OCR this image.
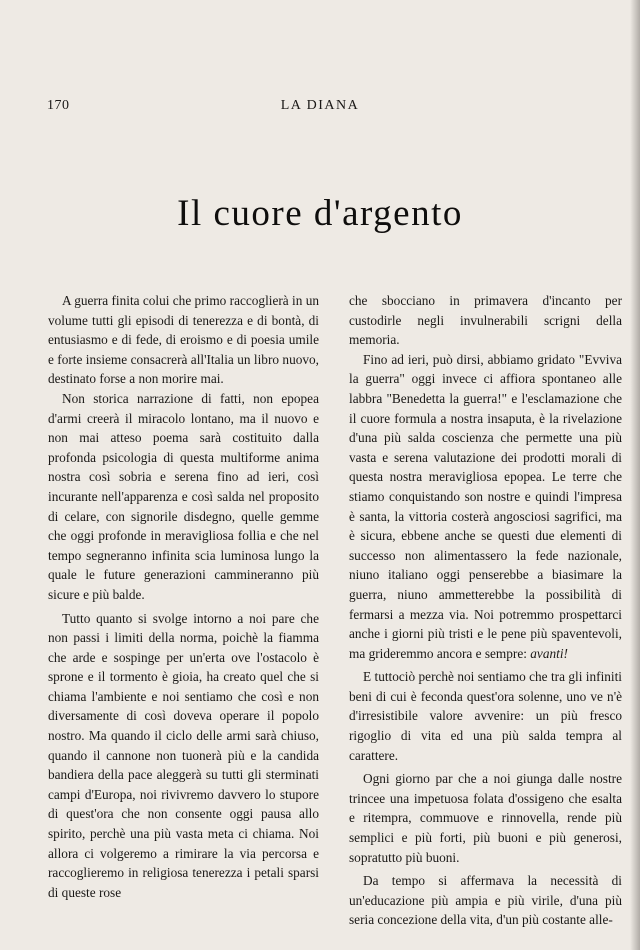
170	LA DIANA
Il cuore d'argento

A guerra finita colui che primo raccoglierà in un volume tutti gli episodi di tenerezza e di bontà, di entusiasmo e di fede, di eroismo e di poesia umile e forte insieme consacrerà all'Italia un libro nuovo, destinato forse a non morire mai.

Non storica narrazione di fatti, non epopea d'armi creerà il miracolo lontano, ma il nuovo e non mai atteso poema sarà costituito dalla profonda psicologia di questa multiforme anima nostra così sobria e serena fino ad ieri, così incurante nell'apparenza e così salda nel proposito di celare, con signorile disdegno, quelle gemme che oggi profonde in meravigliosa follia e che nel tempo segneranno infinita scia luminosa lungo la quale le future generazioni cammineranno più sicure e più balde.

Tutto quanto si svolge intorno a noi pare che non passi i limiti della norma, poichè la fiamma che arde e sospinge per un'erta ove l'ostacolo è sprone e il tormento è gioia, ha creato quel che si chiama l'ambiente e noi sentiamo che così e non diversamente di così doveva operare il popolo nostro. Ma quando il ciclo delle armi sarà chiuso, quando il cannone non tuonerà più e la candida bandiera della pace aleggerà su tutti gli sterminati campi d'Europa, noi rivivremo davvero lo stupore di quest'ora che non consente oggi pausa allo spirito, perchè una più vasta meta ci chiama. Noi allora ci volgeremo a rimirare la via percorsa e raccoglieremo in religiosa tenerezza i petali sparsi di queste rose

che sbocciano in primavera d'incanto per custodirle negli invulnerabili scrigni della memoria.

Fino ad ieri, può dirsi, abbiamo gridato "Evviva la guerra" oggi invece ci affiora spontaneo alle labbra "Benedetta la guerra!" e l'esclamazione che il cuore formula a nostra insaputa, è la rivelazione d'una più salda coscienza che permette una più vasta e serena valutazione dei prodotti morali di questa nostra meravigliosa epopea. Le terre che stiamo conquistando son nostre e quindi l'impresa è santa, la vittoria costerà angosciosi sagrifici, ma è sicura, ebbene anche se questi due elementi di successo non alimentassero la fede nazionale, niuno italiano oggi penserebbe a biasimare la guerra, niuno ammetterebbe la possibilità di fermarsi a mezza via. Noi potremmo prospettarci anche i giorni più tristi e le pene più spaventevoli, ma grideremmo ancora e sempre: avanti!

E tuttociò perchè noi sentiamo che tra gli infiniti beni di cui è feconda quest'ora solenne, uno ve n'è d'irresistibile valore avvenire: un più fresco rigoglio di vita ed una più salda tempra al carattere.

Ogni giorno par che a noi giunga dalle nostre trincee una impetuosa folata d'ossigeno che esalta e ritempra, commuove e rinnovella, rende più semplici e più forti, più buoni e più generosi, sopratutto più buoni.

Da tempo si affermava la necessità di un'educazione più ampia e più virile, d'una più seria concezione della vita, d'un più costante alle-
